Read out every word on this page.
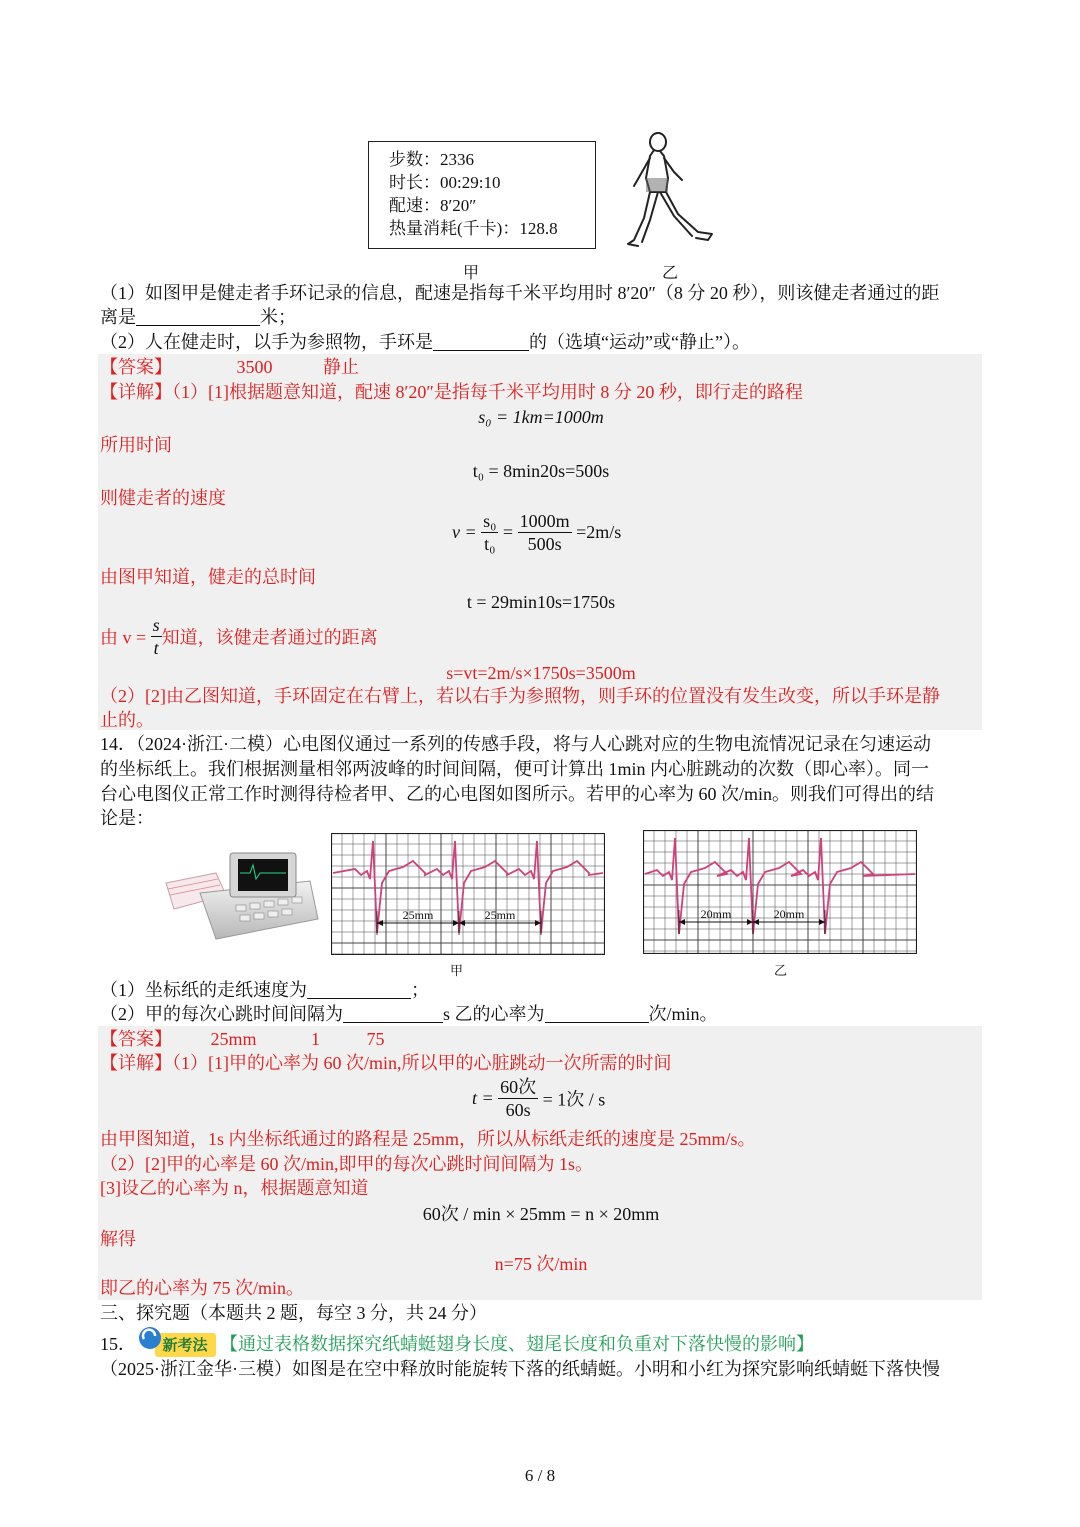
步数：2336
时长：00:29:10
配速：8′20″
热量消耗(千卡)：128.8
甲	乙
（1）如图甲是健走者手环记录的信息，配速是指每千米平均用时 8′20″（8 分 20 秒），则该健走者通过的距
离是	米；
（2）人在健走时，以手为参照物，手环是	的（选填“运动”或“静止”）。
【答案】	3500	静止
【详解】（1）[1]根据题意知道，配速 8′20″是指每千米平均用时 8 分 20 秒，即行走的路程
s₀ = 1km=1000m
所用时间
t₀ = 8min20s=500s
则健走者的速度
$v = \frac{\text{s₀}}{\text{t₀}} = \frac{1000m}{500s} =2m/s$
由图甲知道，健走的总时间
t = 29min10s=1750s
由 $v = \frac{s}{t}$ 知道，该健走者通过的距离
s=vt=2m/s×1750s=3500m
（2）[2]由乙图知道，手环固定在右臂上，若以右手为参照物，则手环的位置没有发生改变，所以手环是静
止的。
14．（2024·浙江·二模）心电图仪通过一系列的传感手段，将与人心跳对应的生物电流情况记录在匀速运动
的坐标纸上。我们根据测量相邻两波峰的时间间隔，便可计算出 1min 内心脏跳动的次数（即心率）。同一
台心电图仪正常工作时测得待检者甲、乙的心电图如图所示。若甲的心率为 60 次/min。则我们可得出的结
论是：
25mm	25mm	20mm	20mm
甲	乙
（1）坐标纸的走纸速度为	；
（2）甲的每次心跳时间间隔为	s 乙的心率为	次/min。
【答案】 25mm	1	75
【详解】（1）[1]甲的心率为 60 次/min,所以甲的心脏跳动一次所需的时间
$t = \frac{\text{60次}}{60s} = 1$次 / s
由甲图知道，1s 内坐标纸通过的路程是 25mm，所以从标纸走纸的速度是 25mm/s。
（2）[2]甲的心率是 60 次/min,即甲的每次心跳时间间隔为 1s。
[3]设乙的心率为 n，根据题意知道
60次 / min × 25mm = n × 20mm
解得
n=75 次/min
即乙的心率为 75 次/min。
三、探究题（本题共 2 题，每空 3 分，共 24 分）
15． 新考法 【通过表格数据探究纸蜻蜓翅身长度、翅尾长度和负重对下落快慢的影响】
（2025·浙江金华·三模）如图是在空中释放时能旋转下落的纸蜻蜓。小明和小红为探究影响纸蜻蜓下落快慢
6 / 8
